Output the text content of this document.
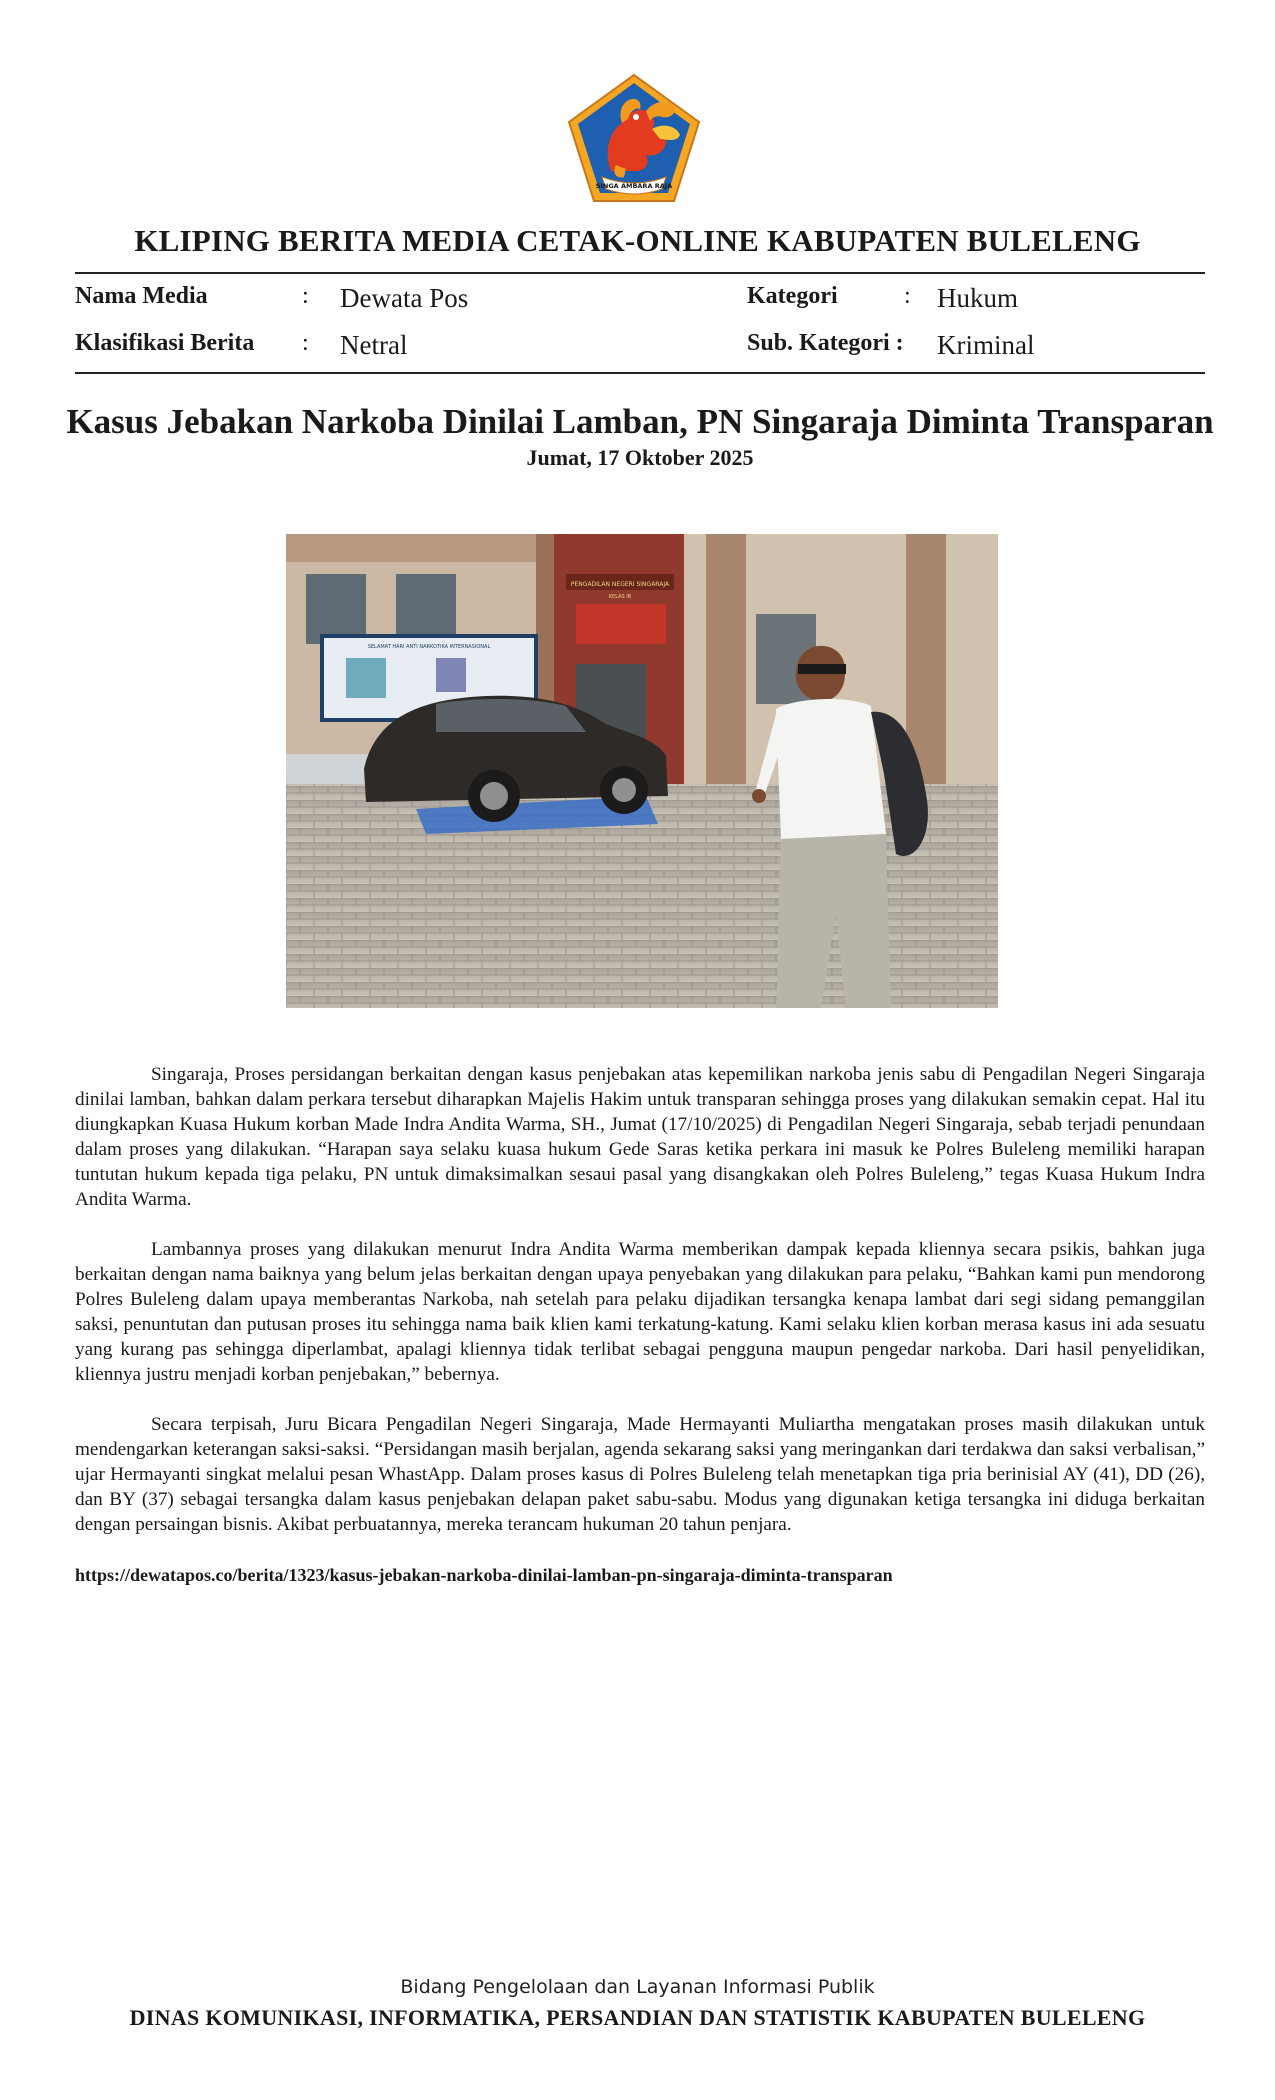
SINGA AMBARA RAJA
KLIPING BERITA MEDIA CETAK-ONLINE KABUPATEN BULELENG
Nama Media	: Dewata Pos
Klasifikasi Berita : Netral
Kategori	: Hukum
Sub. Kategori : Kriminal
Kasus Jebakan Narkoba Dinilai Lamban, PN Singaraja Diminta Transparan
Jumat, 17 Oktober 2025
PENGADILAN NEGERI SINGARAJA
KELAS IB
SELAMAT HARI ANTI NARKOTIKA INTERNASIONAL

Singaraja, Proses persidangan berkaitan dengan kasus penjebakan atas kepemilikan narkoba jenis sabu di Pengadilan Negeri Singaraja dinilai lamban, bahkan dalam perkara tersebut diharapkan Majelis Hakim untuk transparan sehingga proses yang dilakukan semakin cepat. Hal itu diungkapkan Kuasa Hukum korban Made Indra Andita Warma, SH., Jumat (17/10/2025) di Pengadilan Negeri Singaraja, sebab terjadi penundaan dalam proses yang dilakukan. “Harapan saya selaku kuasa hukum Gede Saras ketika perkara ini masuk ke Polres Buleleng memiliki harapan tuntutan hukum kepada tiga pelaku, PN untuk dimaksimalkan sesaui pasal yang disangkakan oleh Polres Buleleng,” tegas Kuasa Hukum Indra Andita Warma.

Lambannya proses yang dilakukan menurut Indra Andita Warma memberikan dampak kepada kliennya secara psikis, bahkan juga berkaitan dengan nama baiknya yang belum jelas berkaitan dengan upaya penyebakan yang dilakukan para pelaku, “Bahkan kami pun mendorong Polres Buleleng dalam upaya memberantas Narkoba, nah setelah para pelaku dijadikan tersangka kenapa lambat dari segi sidang pemanggilan saksi, penuntutan dan putusan proses itu sehingga nama baik klien kami terkatung-katung. Kami selaku klien korban merasa kasus ini ada sesuatu yang kurang pas sehingga diperlambat, apalagi kliennya tidak terlibat sebagai pengguna maupun pengedar narkoba. Dari hasil penyelidikan, kliennya justru menjadi korban penjebakan,” bebernya.

Secara terpisah, Juru Bicara Pengadilan Negeri Singaraja, Made Hermayanti Muliartha mengatakan proses masih dilakukan untuk mendengarkan keterangan saksi-saksi. “Persidangan masih berjalan, agenda sekarang saksi yang meringankan dari terdakwa dan saksi verbalisan,” ujar Hermayanti singkat melalui pesan WhastApp. Dalam proses kasus di Polres Buleleng telah menetapkan tiga pria berinisial AY (41), DD (26), dan BY (37) sebagai tersangka dalam kasus penjebakan delapan paket sabu-sabu. Modus yang digunakan ketiga tersangka ini diduga berkaitan dengan persaingan bisnis. Akibat perbuatannya, mereka terancam hukuman 20 tahun penjara.

https://dewatapos.co/berita/1323/kasus-jebakan-narkoba-dinilai-lamban-pn-singaraja-diminta-transparan
Bidang Pengelolaan dan Layanan Informasi Publik
DINAS KOMUNIKASI, INFORMATIKA, PERSANDIAN DAN STATISTIK KABUPATEN BULELENG
